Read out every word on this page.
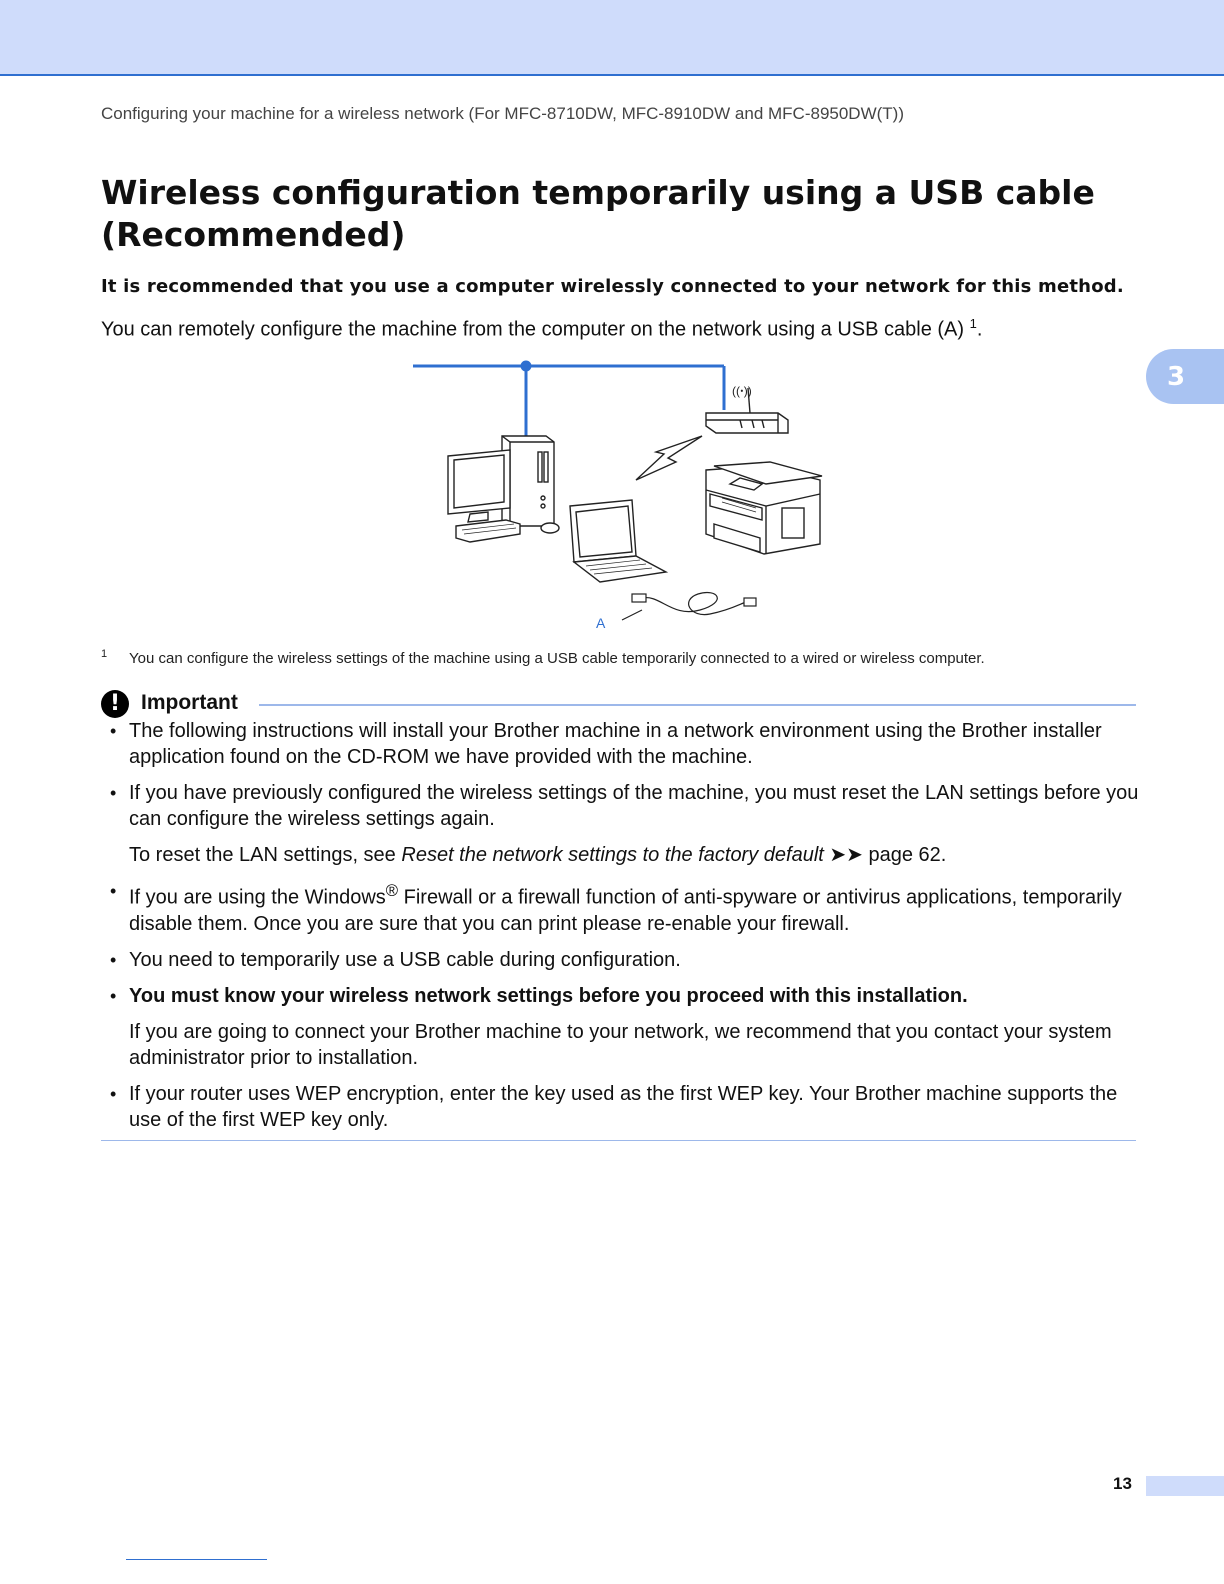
Configuring your machine for a wireless network (For MFC-8710DW, MFC-8910DW and MFC-8950DW(T))
Wireless configuration temporarily using a USB cable (Recommended)
It is recommended that you use a computer wirelessly connected to your network for this method.
You can remotely configure the machine from the computer on the network using a USB cable (A) $^1$.
3
((ꞏ))
A
1 You can configure the wireless settings of the machine using a USB cable temporarily connected to a wired or wireless computer.
! Important
• The following instructions will install your Brother machine in a network environment using the Brother installer application found on the CD-ROM we have provided with the machine.
• If you have previously configured the wireless settings of the machine, you must reset the LAN settings before you can configure the wireless settings again.
To reset the LAN settings, see Reset the network settings to the factory default ➤➤ page 62.
• If you are using the Windows® Firewall or a firewall function of anti-spyware or antivirus applications, temporarily disable them. Once you are sure that you can print please re-enable your firewall.
• You need to temporarily use a USB cable during configuration.
• You must know your wireless network settings before you proceed with this installation.
If you are going to connect your Brother machine to your network, we recommend that you contact your system administrator prior to installation.
• If your router uses WEP encryption, enter the key used as the first WEP key. Your Brother machine supports the use of the first WEP key only.
13
